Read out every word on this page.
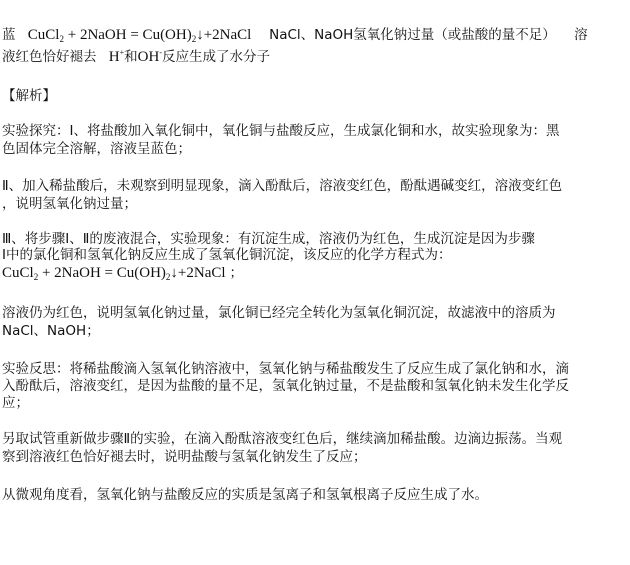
蓝 CuCl$_2$ + 2NaOH = $Cu(OH)_2↓+2NaCl$ NaCl、NaOH氢氧化钠过量（或盐酸的量不足） 溶
液红色恰好褪去 H+和OH-反应生成了水分子
【解析】
实验探究：Ⅰ、将盐酸加入氧化铜中，氧化铜与盐酸反应，生成氯化铜和水，故实验现象为：黑
色固体完全溶解，溶液呈蓝色；
Ⅱ、加入稀盐酸后，未观察到明显现象，滴入酚酞后，溶液变红色，酚酞遇碱变红，溶液变红色
，说明氢氧化钠过量；
Ⅲ、将步骤Ⅰ、Ⅱ的废液混合，实验现象：有沉淀生成，溶液仍为红色，生成沉淀是因为步骤
Ⅰ中的氯化铜和氢氧化钠反应生成了氢氧化铜沉淀，该反应的化学方程式为：
CuCl$_2$ + 2NaOH = $Cu(OH)_2↓+2NaCl$ ；
溶液仍为红色，说明氢氧化钠过量，氯化铜已经完全转化为氢氧化铜沉淀，故滤液中的溶质为
NaCl、NaOH；
实验反思：将稀盐酸滴入氢氧化钠溶液中，氢氧化钠与稀盐酸发生了反应生成了氯化钠和水，滴
入酚酞后，溶液变红，是因为盐酸的量不足，氢氧化钠过量，不是盐酸和氢氧化钠未发生化学反
应；
另取试管重新做步骤Ⅱ的实验，在滴入酚酞溶液变红色后，继续滴加稀盐酸。边滴边振荡。当观
察到溶液红色恰好褪去时，说明盐酸与氢氧化钠发生了反应；
从微观角度看，氢氧化钠与盐酸反应的实质是氢离子和氢氧根离子反应生成了水。
